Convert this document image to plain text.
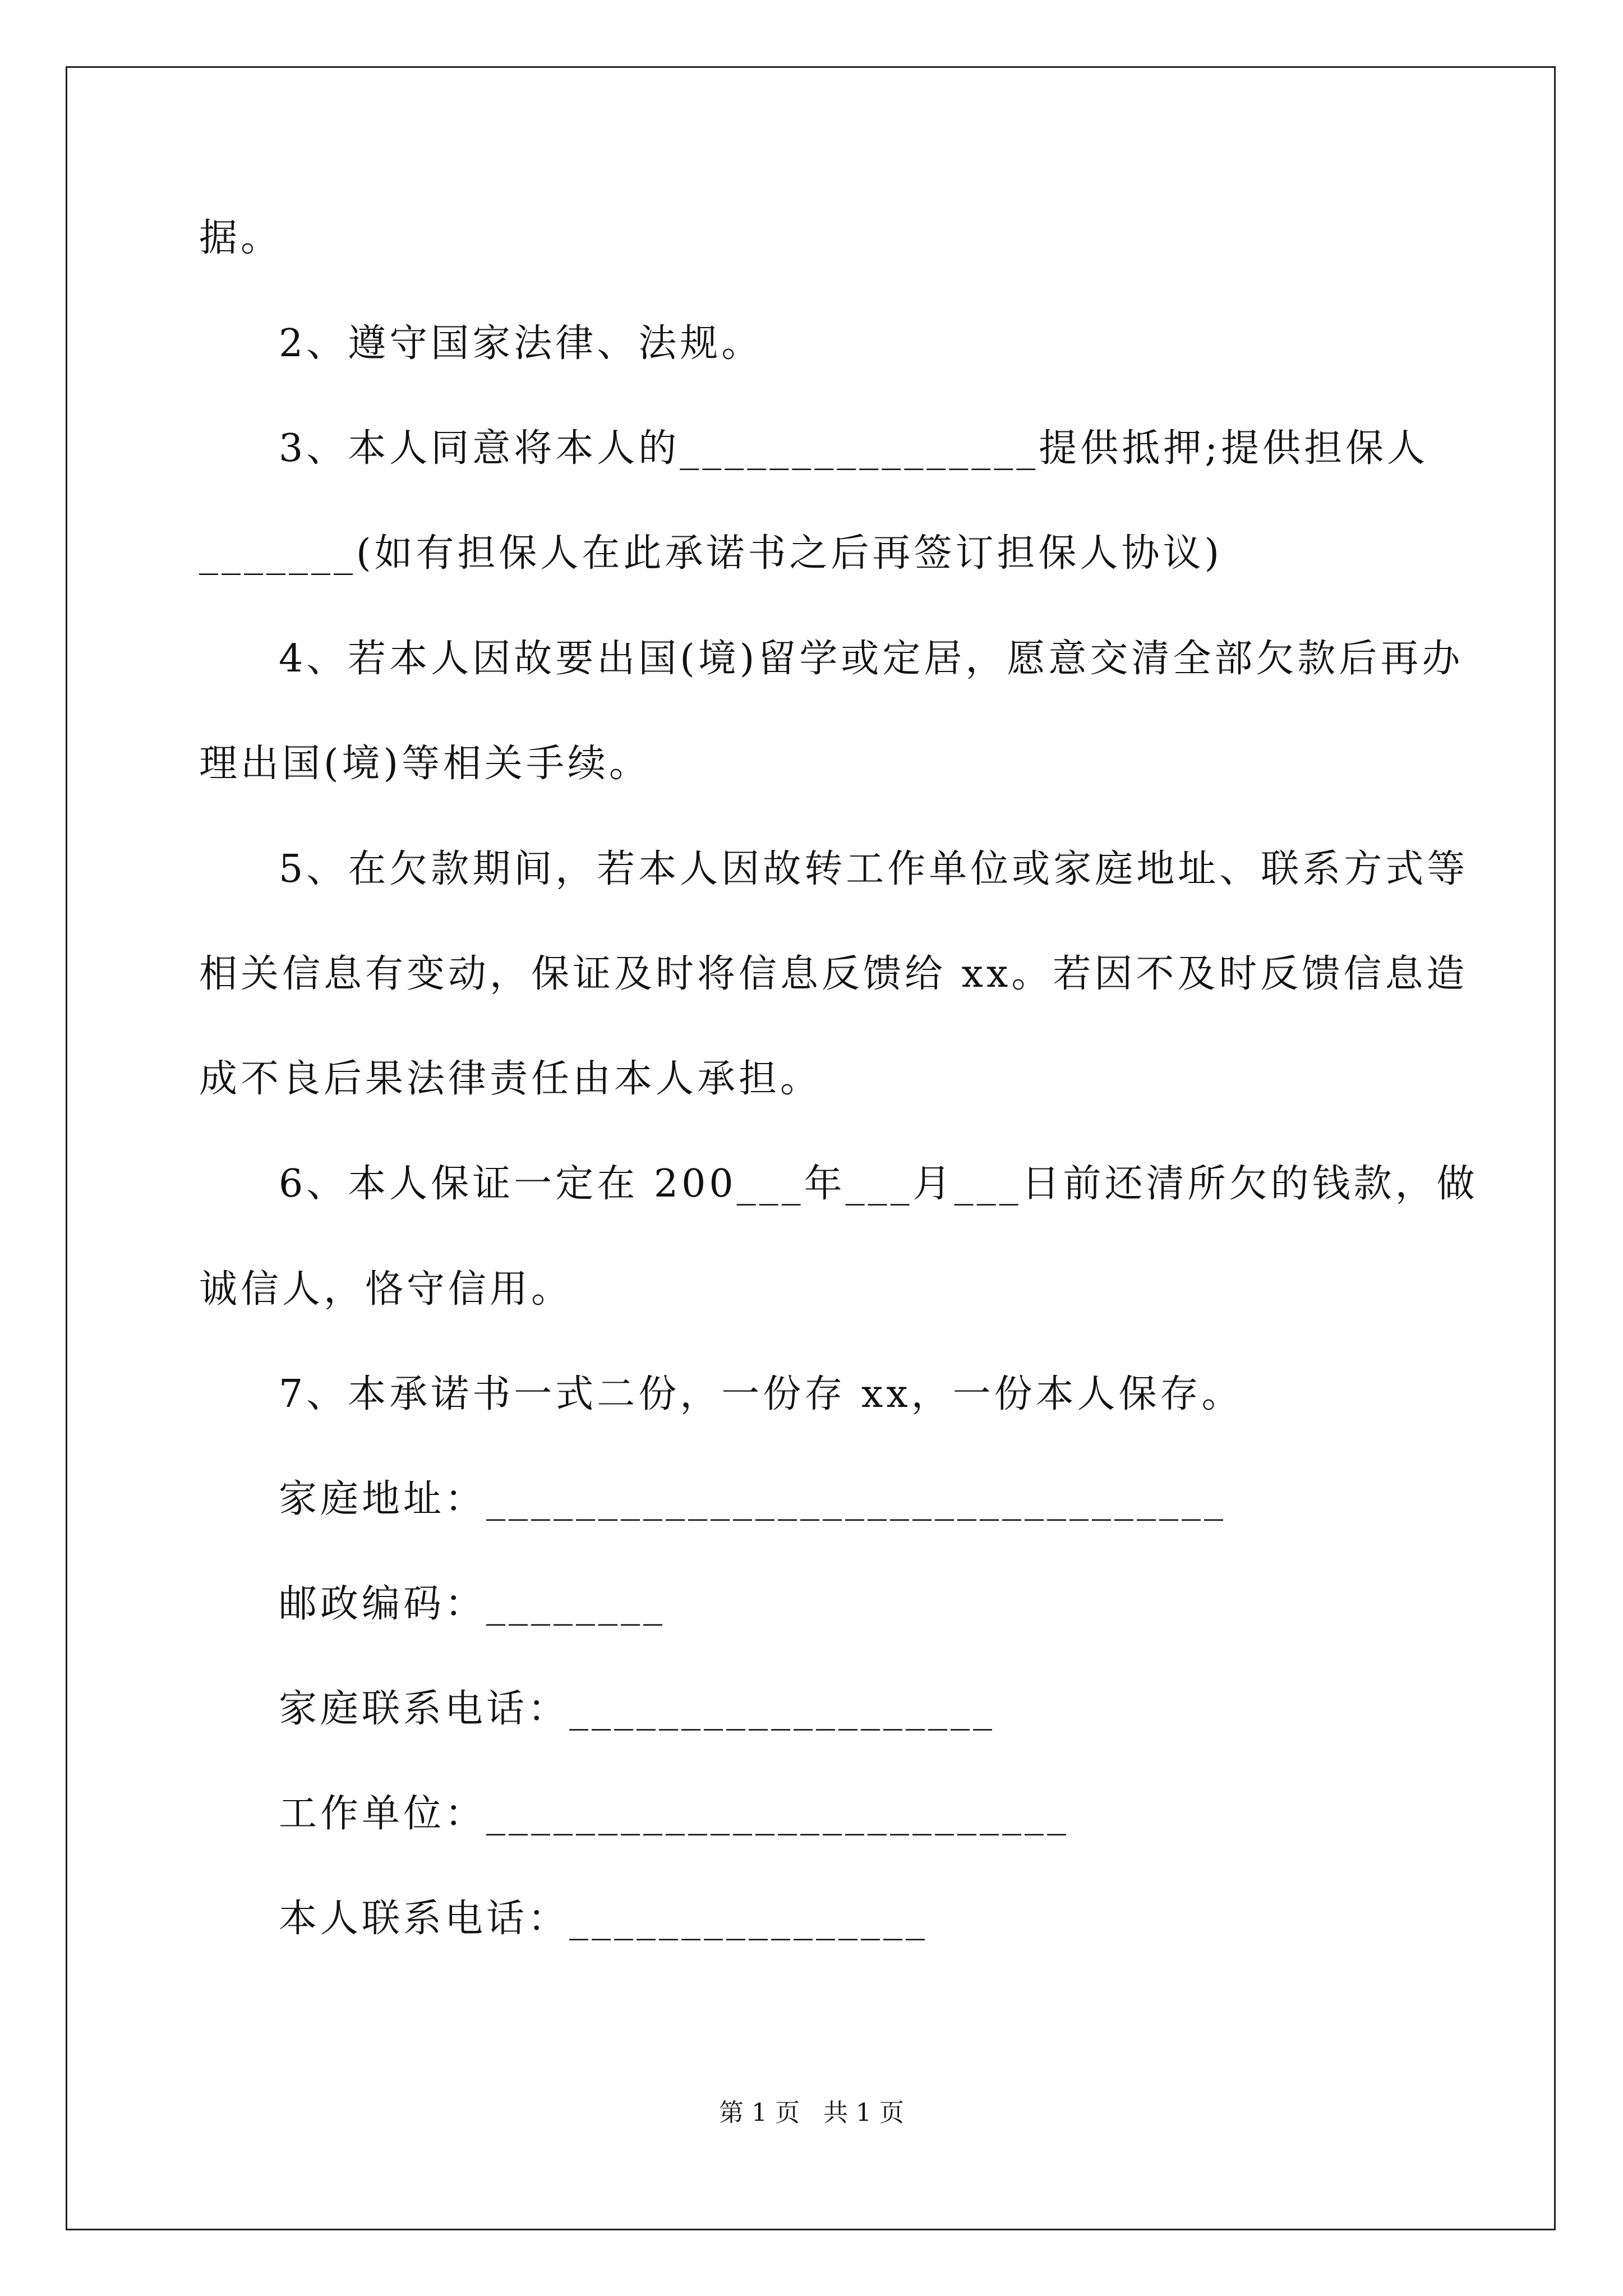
据。
2、遵守国家法律、法规。
3、本人同意将本人的________________提供抵押;提供担保人
_______(如有担保人在此承诺书之后再签订担保人协议)
4、若本人因故要出国(境)留学或定居，愿意交清全部欠款后再办
理出国(境)等相关手续。
5、在欠款期间，若本人因故转工作单位或家庭地址、联系方式等
相关信息有变动，保证及时将信息反馈给 xx。若因不及时反馈信息造
成不良后果法律责任由本人承担。
6、本人保证一定在 200___年___月___日前还清所欠的钱款，做
诚信人，恪守信用。
7、本承诺书一式二份，一份存 xx，一份本人保存。
家庭地址：_________________________________
邮政编码：________
家庭联系电话：___________________
工作单位：__________________________
本人联系电话：________________
第 1 页   共 1 页
